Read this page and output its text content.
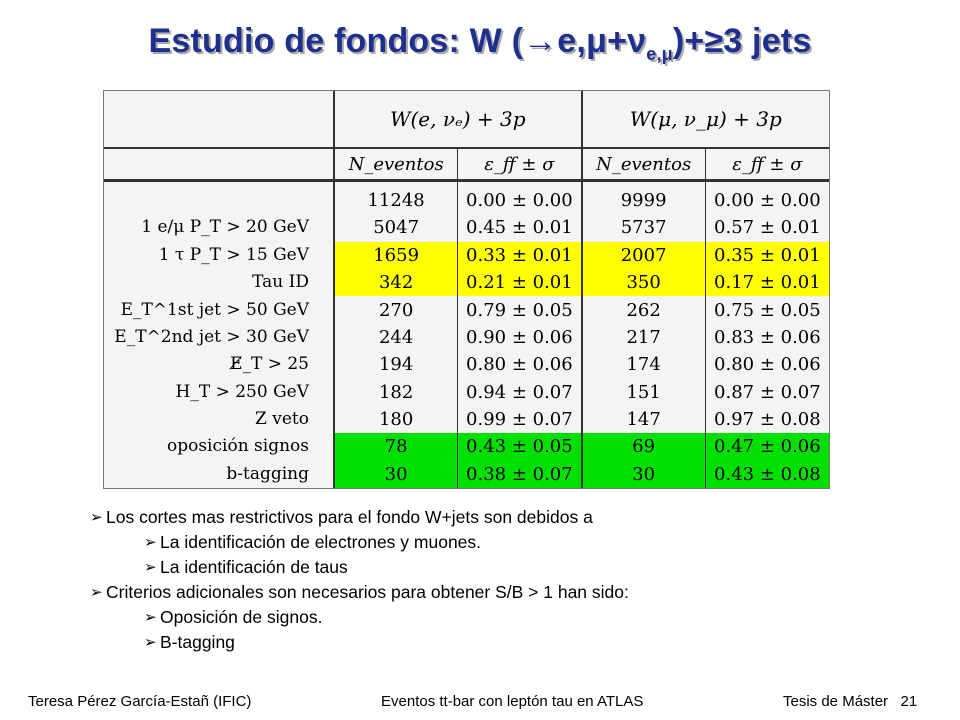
Estudio de fondos: W $(\to e,\mu+\nu_{e,\mu})+\ge 3$ jets
	W(e, νₑ) + 3p		W(μ, ν_μ) + 3p	
	N_eventos	ε_ff ± σ	N_eventos	ε_ff ± σ
	11248	0.00 ± 0.00	9999	0.00 ± 0.00
1 e/μ P_T > 20 GeV	5047	0.45 ± 0.01	5737	0.57 ± 0.01
1 τ P_T > 15 GeV	1659	0.33 ± 0.01	2007	0.35 ± 0.01
Tau ID	342	0.21 ± 0.01	350	0.17 ± 0.01
E_T^1st jet > 50 GeV	270	0.79 ± 0.05	262	0.75 ± 0.05
E_T^2nd jet > 30 GeV	244	0.90 ± 0.06	217	0.83 ± 0.06
E̸_T > 25	194	0.80 ± 0.06	174	0.80 ± 0.06
H_T > 250 GeV	182	0.94 ± 0.07	151	0.87 ± 0.07
Z veto	180	0.99 ± 0.07	147	0.97 ± 0.08
oposición signos	78	0.43 ± 0.05	69	0.47 ± 0.06
b-tagging	30	0.38 ± 0.07	30	0.43 ± 0.08
➢ Los cortes mas restrictivos para el fondo W+jets son debidos a
➢ La identificación de electrones y muones.
➢ La identificación de taus
➢ Criterios adicionales son necesarios para obtener S/B > 1 han sido:
➢ Oposición de signos.
➢ B-tagging
Teresa Pérez García-Estañ (IFIC)	Eventos tt-bar con leptón tau en ATLAS	Tesis de Máster   21
